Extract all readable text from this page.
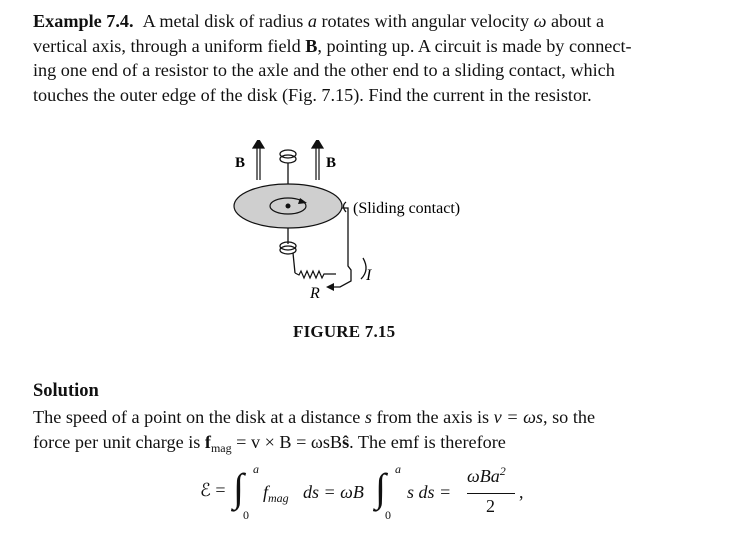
Example 7.4. A metal disk of radius a rotates with angular velocity ω about a
vertical axis, through a uniform field B, pointing up. A circuit is made by connect-
ing one end of a resistor to the axle and the other end to a sliding contact, which
touches the outer edge of the disk (Fig. 7.15). Find the current in the resistor.
B	B
I
R
(Sliding contact)
FIGURE 7.15
Solution
The speed of a point on the disk at a distance s from the axis is v = ωs, so the
force per unit charge is $f_{mag} = v \times B$ = ωsBŝ. The emf is therefore
ℰ = ∫ a
0
$f_{mag}$ ds = ωB ∫ a
0
s ds =
ωBa$^2$
2
,
